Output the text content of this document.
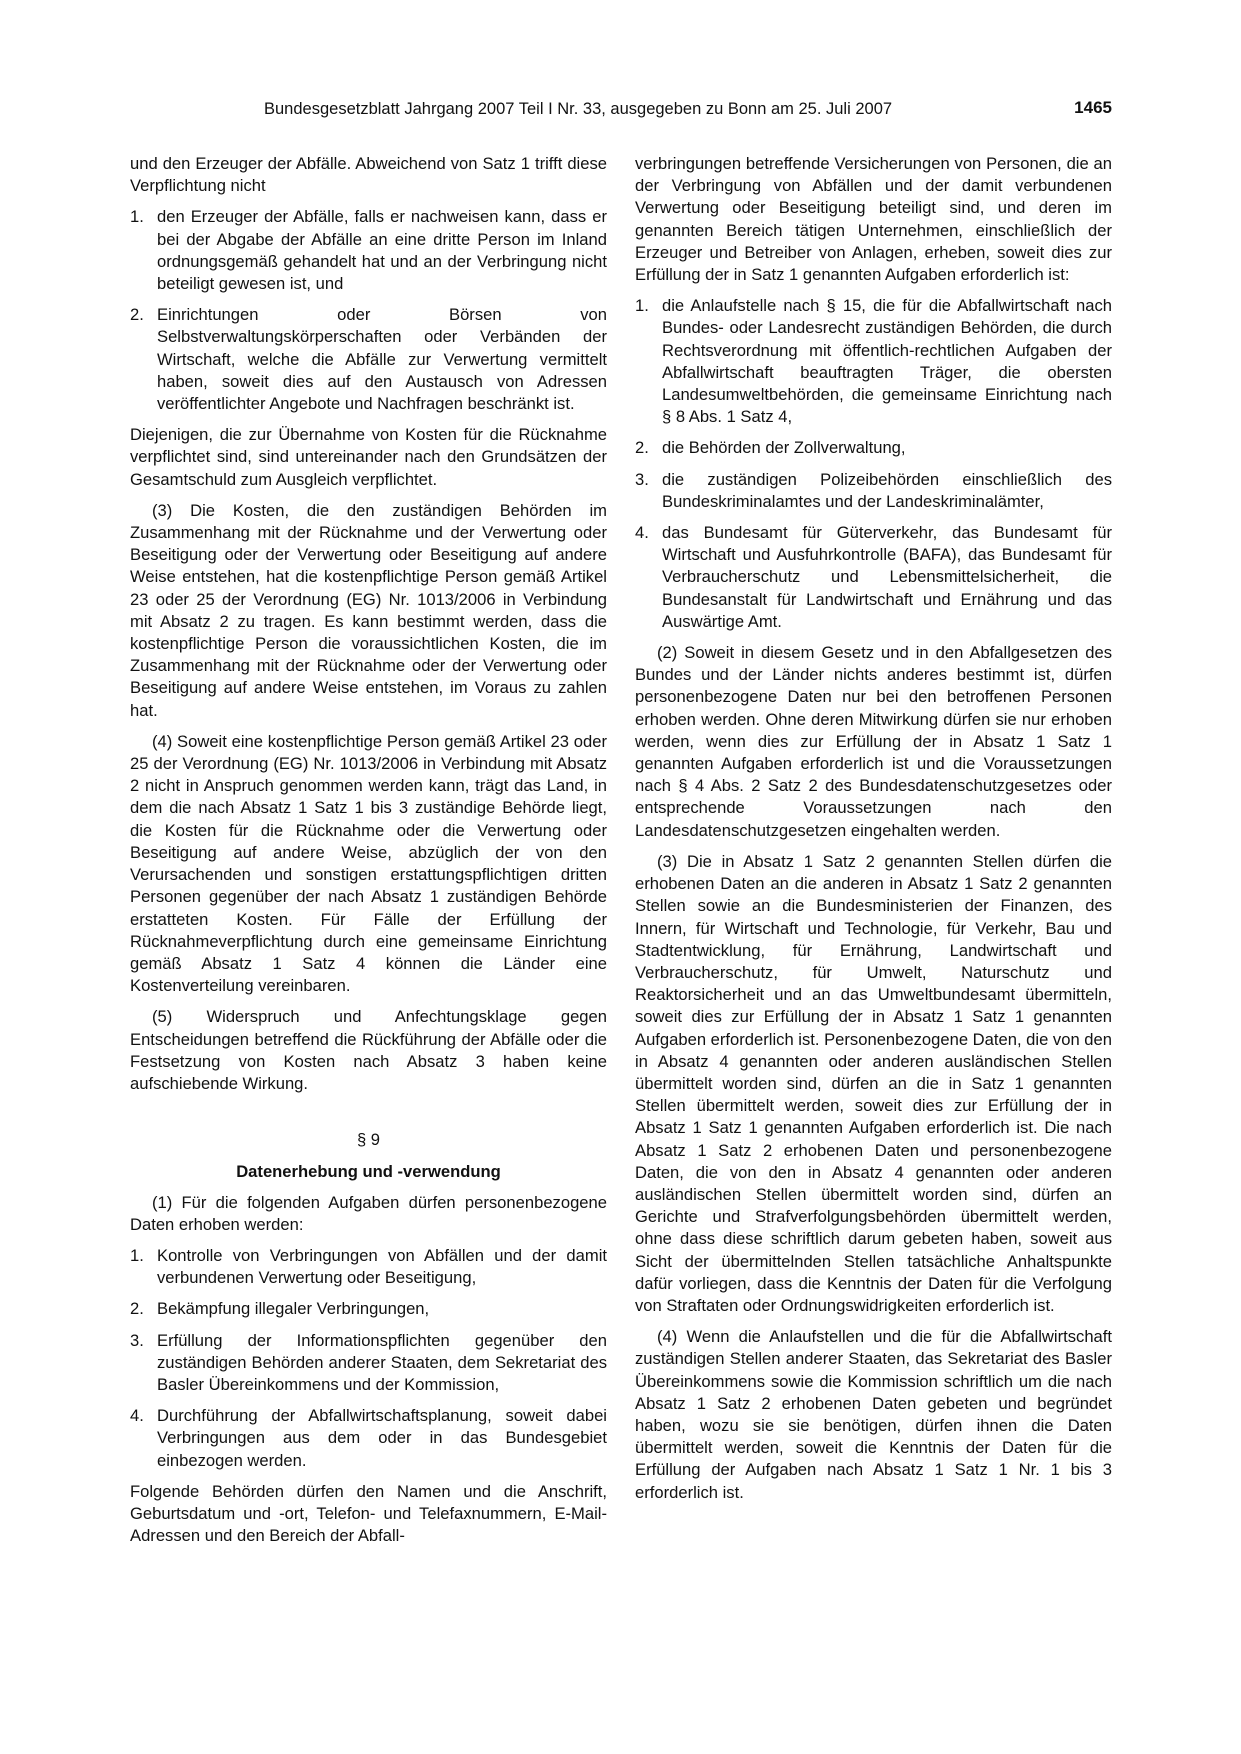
Bundesgesetzblatt Jahrgang 2007 Teil I Nr. 33, ausgegeben zu Bonn am 25. Juli 2007	1465

und den Erzeuger der Abfälle. Abweichend von Satz 1 trifft diese Verpflichtung nicht

1. den Erzeuger der Abfälle, falls er nachweisen kann, dass er bei der Abgabe der Abfälle an eine dritte Person im Inland ordnungsgemäß gehandelt hat und an der Verbringung nicht beteiligt gewesen ist, und
2. Einrichtungen oder Börsen von Selbstverwaltungskörperschaften oder Verbänden der Wirtschaft, welche die Abfälle zur Verwertung vermittelt haben, soweit dies auf den Austausch von Adressen veröffentlichter Angebote und Nachfragen beschränkt ist.

Diejenigen, die zur Übernahme von Kosten für die Rücknahme verpflichtet sind, sind untereinander nach den Grundsätzen der Gesamtschuld zum Ausgleich verpflichtet.

(3) Die Kosten, die den zuständigen Behörden im Zusammenhang mit der Rücknahme und der Verwertung oder Beseitigung oder der Verwertung oder Beseitigung auf andere Weise entstehen, hat die kostenpflichtige Person gemäß Artikel 23 oder 25 der Verordnung (EG) Nr. 1013/2006 in Verbindung mit Absatz 2 zu tragen. Es kann bestimmt werden, dass die kostenpflichtige Person die voraussichtlichen Kosten, die im Zusammenhang mit der Rücknahme oder der Verwertung oder Beseitigung auf andere Weise entstehen, im Voraus zu zahlen hat.

(4) Soweit eine kostenpflichtige Person gemäß Artikel 23 oder 25 der Verordnung (EG) Nr. 1013/2006 in Verbindung mit Absatz 2 nicht in Anspruch genommen werden kann, trägt das Land, in dem die nach Absatz 1 Satz 1 bis 3 zuständige Behörde liegt, die Kosten für die Rücknahme oder die Verwertung oder Beseitigung auf andere Weise, abzüglich der von den Verursachenden und sonstigen erstattungspflichtigen dritten Personen gegenüber der nach Absatz 1 zuständigen Behörde erstatteten Kosten. Für Fälle der Erfüllung der Rücknahmeverpflichtung durch eine gemeinsame Einrichtung gemäß Absatz 1 Satz 4 können die Länder eine Kostenverteilung vereinbaren.

(5) Widerspruch und Anfechtungsklage gegen Entscheidungen betreffend die Rückführung der Abfälle oder die Festsetzung von Kosten nach Absatz 3 haben keine aufschiebende Wirkung.

§ 9
Datenerhebung und -verwendung

(1) Für die folgenden Aufgaben dürfen personenbezogene Daten erhoben werden:

1. Kontrolle von Verbringungen von Abfällen und der damit verbundenen Verwertung oder Beseitigung,
2. Bekämpfung illegaler Verbringungen,
3. Erfüllung der Informationspflichten gegenüber den zuständigen Behörden anderer Staaten, dem Sekretariat des Basler Übereinkommens und der Kommission,
4. Durchführung der Abfallwirtschaftsplanung, soweit dabei Verbringungen aus dem oder in das Bundesgebiet einbezogen werden.

Folgende Behörden dürfen den Namen und die Anschrift, Geburtsdatum und -ort, Telefon- und Telefaxnummern, E-Mail-Adressen und den Bereich der Abfall-

verbringungen betreffende Versicherungen von Personen, die an der Verbringung von Abfällen und der damit verbundenen Verwertung oder Beseitigung beteiligt sind, und deren im genannten Bereich tätigen Unternehmen, einschließlich der Erzeuger und Betreiber von Anlagen, erheben, soweit dies zur Erfüllung der in Satz 1 genannten Aufgaben erforderlich ist:

1. die Anlaufstelle nach § 15, die für die Abfallwirtschaft nach Bundes- oder Landesrecht zuständigen Behörden, die durch Rechtsverordnung mit öffentlich-rechtlichen Aufgaben der Abfallwirtschaft beauftragten Träger, die obersten Landesumweltbehörden, die gemeinsame Einrichtung nach § 8 Abs. 1 Satz 4,
2. die Behörden der Zollverwaltung,
3. die zuständigen Polizeibehörden einschließlich des Bundeskriminalamtes und der Landeskriminalämter,
4. das Bundesamt für Güterverkehr, das Bundesamt für Wirtschaft und Ausfuhrkontrolle (BAFA), das Bundesamt für Verbraucherschutz und Lebensmittelsicherheit, die Bundesanstalt für Landwirtschaft und Ernährung und das Auswärtige Amt.

(2) Soweit in diesem Gesetz und in den Abfallgesetzen des Bundes und der Länder nichts anderes bestimmt ist, dürfen personenbezogene Daten nur bei den betroffenen Personen erhoben werden. Ohne deren Mitwirkung dürfen sie nur erhoben werden, wenn dies zur Erfüllung der in Absatz 1 Satz 1 genannten Aufgaben erforderlich ist und die Voraussetzungen nach § 4 Abs. 2 Satz 2 des Bundesdatenschutzgesetzes oder entsprechende Voraussetzungen nach den Landesdatenschutzgesetzen eingehalten werden.

(3) Die in Absatz 1 Satz 2 genannten Stellen dürfen die erhobenen Daten an die anderen in Absatz 1 Satz 2 genannten Stellen sowie an die Bundesministerien der Finanzen, des Innern, für Wirtschaft und Technologie, für Verkehr, Bau und Stadtentwicklung, für Ernährung, Landwirtschaft und Verbraucherschutz, für Umwelt, Naturschutz und Reaktorsicherheit und an das Umweltbundesamt übermitteln, soweit dies zur Erfüllung der in Absatz 1 Satz 1 genannten Aufgaben erforderlich ist. Personenbezogene Daten, die von den in Absatz 4 genannten oder anderen ausländischen Stellen übermittelt worden sind, dürfen an die in Satz 1 genannten Stellen übermittelt werden, soweit dies zur Erfüllung der in Absatz 1 Satz 1 genannten Aufgaben erforderlich ist. Die nach Absatz 1 Satz 2 erhobenen Daten und personenbezogene Daten, die von den in Absatz 4 genannten oder anderen ausländischen Stellen übermittelt worden sind, dürfen an Gerichte und Strafverfolgungsbehörden übermittelt werden, ohne dass diese schriftlich darum gebeten haben, soweit aus Sicht der übermittelnden Stellen tatsächliche Anhaltspunkte dafür vorliegen, dass die Kenntnis der Daten für die Verfolgung von Straftaten oder Ordnungswidrigkeiten erforderlich ist.

(4) Wenn die Anlaufstellen und die für die Abfallwirtschaft zuständigen Stellen anderer Staaten, das Sekretariat des Basler Übereinkommens sowie die Kommission schriftlich um die nach Absatz 1 Satz 2 erhobenen Daten gebeten und begründet haben, wozu sie sie benötigen, dürfen ihnen die Daten übermittelt werden, soweit die Kenntnis der Daten für die Erfüllung der Aufgaben nach Absatz 1 Satz 1 Nr. 1 bis 3 erforderlich ist.
